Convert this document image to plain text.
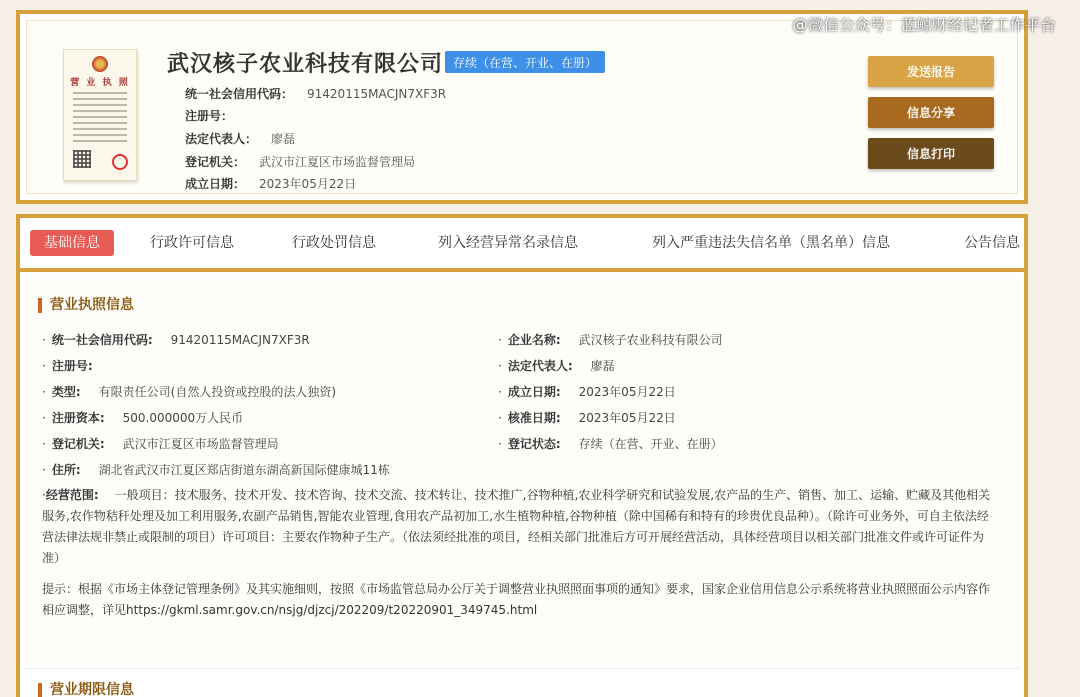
@微信公众号：蓝鲸财经记者工作平台
营 业 执 照
武汉核子农业科技有限公司 存续（在营、开业、在册）
统一社会信用代码： 91420115MACJN7XF3R
注册号：
法定代表人： 廖磊
登记机关： 武汉市江夏区市场监督管理局
成立日期： 2023年05月22日
发送报告
信息分享
信息打印
基础信息	行政许可信息	行政处罚信息	列入经营异常名录信息	列入严重违法失信名单（黑名单）信息	公告信息
营业执照信息
· 统一社会信用代码: 91420115MACJN7XF3R
· 注册号:
· 类型: 有限责任公司(自然人投资或控股的法人独资)
· 注册资本: 500.000000万人民币
· 登记机关: 武汉市江夏区市场监督管理局
· 住所: 湖北省武汉市江夏区郑店街道东湖高新国际健康城11栋
· 企业名称: 武汉核子农业科技有限公司
· 法定代表人: 廖磊
· 成立日期: 2023年05月22日
· 核准日期: 2023年05月22日
· 登记状态: 存续（在营、开业、在册）
·经营范围: 一般项目：技术服务、技术开发、技术咨询、技术交流、技术转让、技术推广,谷物种植,农业科学研究和试验发展,农产品的生产、销售、加工、运输、贮藏及其他相关服务,农作物秸秆处理及加工利用服务,农副产品销售,智能农业管理,食用农产品初加工,水生植物种植,谷物种植（除中国稀有和特有的珍贵优良品种）。（除许可业务外，可自主依法经营法律法规非禁止或限制的项目）许可项目：主要农作物种子生产。（依法须经批准的项目，经相关部门批准后方可开展经营活动，具体经营项目以相关部门批准文件或许可证件为准）
提示：根据《市场主体登记管理条例》及其实施细则，按照《市场监管总局办公厅关于调整营业执照照面事项的通知》要求，国家企业信用信息公示系统将营业执照照面公示内容作相应调整，详见https://gkml.samr.gov.cn/nsjg/djzcj/202209/t20220901_349745.html
营业期限信息
